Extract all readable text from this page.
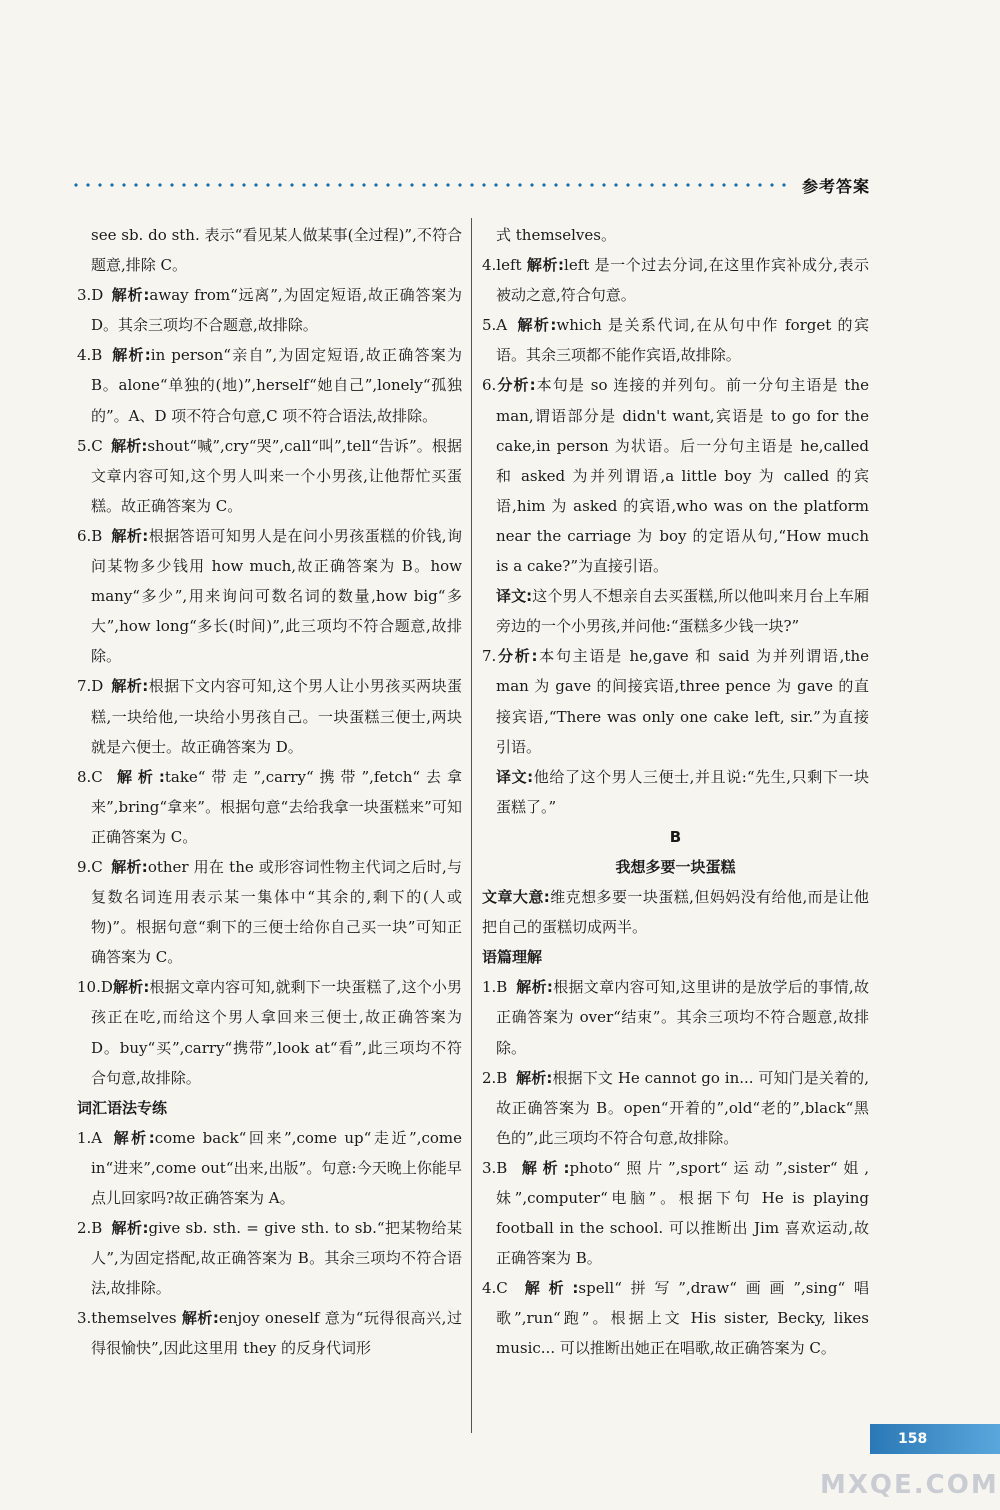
参考答案

see sb. do sth. 表示“看见某人做某事(全过程)”,不符合题意,排除 C。

3.D 解析:away from“远离”,为固定短语,故正确答案为 D。其余三项均不合题意,故排除。

4.B 解析:in person“亲自”,为固定短语,故正确答案为 B。alone“单独的(地)”,herself“她自己”,lonely“孤独的”。A、D 项不符合句意,C 项不符合语法,故排除。

5.C 解析:shout“喊”,cry“哭”,call“叫”,tell“告诉”。根据文章内容可知,这个男人叫来一个小男孩,让他帮忙买蛋糕。故正确答案为 C。

6.B 解析:根据答语可知男人是在问小男孩蛋糕的价钱,询问某物多少钱用 how much,故正确答案为 B。how many“多少”,用来询问可数名词的数量,how big“多大”,how long“多长(时间)”,此三项均不符合题意,故排除。

7.D 解析:根据下文内容可知,这个男人让小男孩买两块蛋糕,一块给他,一块给小男孩自己。一块蛋糕三便士,两块就是六便士。故正确答案为 D。

8.C 解析:take“带走”,carry“携带”,fetch“去拿来”,bring“拿来”。根据句意“去给我拿一块蛋糕来”可知正确答案为 C。

9.C 解析:other 用在 the 或形容词性物主代词之后时,与复数名词连用表示某一集体中“其余的,剩下的(人或物)”。根据句意“剩下的三便士给你自己买一块”可知正确答案为 C。

10.D解析:根据文章内容可知,就剩下一块蛋糕了,这个小男孩正在吃,而给这个男人拿回来三便士,故正确答案为 D。buy“买”,carry“携带”,look at“看”,此三项均不符合句意,故排除。

词汇语法专练

1.A 解析:come back“回来”,come up“走近”,come in“进来”,come out“出来,出版”。句意:今天晚上你能早点儿回家吗?故正确答案为 A。

2.B 解析:give sb. sth. = give sth. to sb.“把某物给某人”,为固定搭配,故正确答案为 B。其余三项均不符合语法,故排除。

3.themselves 解析:enjoy oneself 意为“玩得很高兴,过得很愉快”,因此这里用 they 的反身代词形

式 themselves。

4.left 解析:left 是一个过去分词,在这里作宾补成分,表示被动之意,符合句意。

5.A 解析:which 是关系代词,在从句中作 forget 的宾语。其余三项都不能作宾语,故排除。

6.分析:本句是 so 连接的并列句。前一分句主语是 the man,谓语部分是 didn't want,宾语是 to go for the cake,in person 为状语。后一分句主语是 he,called 和 asked 为并列谓语,a little boy 为 called 的宾语,him 为 asked 的宾语,who was on the platform near the carriage 为 boy 的定语从句,“How much is a cake?”为直接引语。

译文:这个男人不想亲自去买蛋糕,所以他叫来月台上车厢旁边的一个小男孩,并问他:“蛋糕多少钱一块?”

7.分析:本句主语是 he,gave 和 said 为并列谓语,the man 为 gave 的间接宾语,three pence 为 gave 的直接宾语,“There was only one cake left, sir.”为直接引语。

译文:他给了这个男人三便士,并且说:“先生,只剩下一块蛋糕了。”

B

我想多要一块蛋糕

文章大意:维克想多要一块蛋糕,但妈妈没有给他,而是让他把自己的蛋糕切成两半。

语篇理解

1.B 解析:根据文章内容可知,这里讲的是放学后的事情,故正确答案为 over“结束”。其余三项均不符合题意,故排除。

2.B 解析:根据下文 He cannot go in... 可知门是关着的,故正确答案为 B。open“开着的”,old“老的”,black“黑色的”,此三项均不符合句意,故排除。

3.B 解析:photo“照片”,sport“运动”,sister“姐,妹”,computer“电脑”。根据下句 He is playing football in the school. 可以推断出 Jim 喜欢运动,故正确答案为 B。

4.C 解析:spell“拼写”,draw“画画”,sing“唱歌”,run“跑”。根据上文 His sister, Becky, likes music... 可以推断出她正在唱歌,故正确答案为 C。

158
MXQE.COM
